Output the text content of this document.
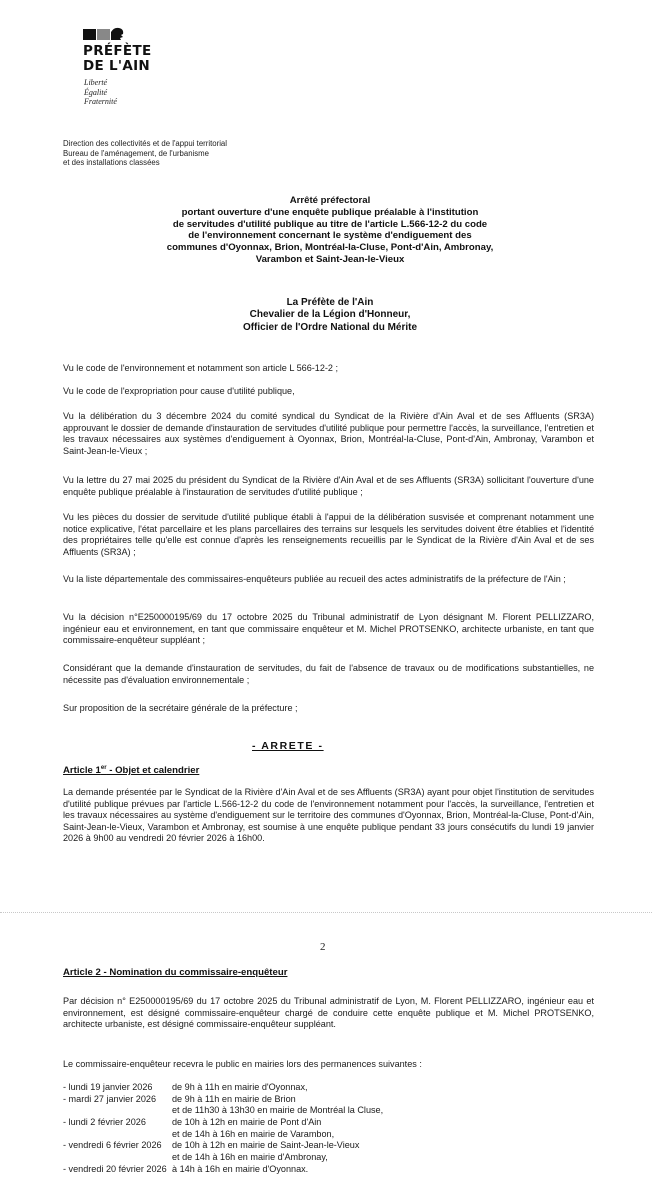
PRÉFÈTE
DE L'AIN
Liberté
Égalité
Fraternité
Direction des collectivités et de l'appui territorial
Bureau de l'aménagement, de l'urbanisme
et des installations classées
Arrêté préfectoral
portant ouverture d'une enquête publique préalable à l'institution
de servitudes d'utilité publique au titre de l'article L.566-12-2 du code
de l'environnement concernant le système d'endiguement des
communes d'Oyonnax, Brion, Montréal-la-Cluse, Pont-d'Ain, Ambronay,
Varambon et Saint-Jean-le-Vieux
La Préfète de l'Ain
Chevalier de la Légion d'Honneur,
Officier de l'Ordre National du Mérite

Vu le code de l'environnement et notamment son article L 566-12-2 ;

Vu le code de l'expropriation pour cause d'utilité publique,

Vu la délibération du 3 décembre 2024 du comité syndical du Syndicat de la Rivière d'Ain Aval et de ses Affluents (SR3A) approuvant le dossier de demande d'instauration de servitudes d'utilité publique pour permettre l'accès, la surveillance, l'entretien et les travaux nécessaires aux systèmes d'endiguement à Oyonnax, Brion, Montréal-la-Cluse, Pont-d'Ain, Ambronay, Varambon et Saint-Jean-le-Vieux ;

Vu la lettre du 27 mai 2025 du président du Syndicat de la Rivière d'Ain Aval et de ses Affluents (SR3A) sollicitant l'ouverture d'une enquête publique préalable à l'instauration de servitudes d'utilité publique ;

Vu les pièces du dossier de servitude d'utilité publique établi à l'appui de la délibération susvisée et comprenant notamment une notice explicative, l'état parcellaire et les plans parcellaires des terrains sur lesquels les servitudes doivent être établies et l'identité des propriétaires telle qu'elle est connue d'après les renseignements recueillis par le Syndicat de la Rivière d'Ain Aval et de ses Affluents (SR3A) ;

Vu la liste départementale des commissaires-enquêteurs publiée au recueil des actes administratifs de la préfecture de l'Ain ;

Vu la décision n°E250000195/69 du 17 octobre 2025 du Tribunal administratif de Lyon désignant M. Florent PELLIZZARO, ingénieur eau et environnement, en tant que commissaire enquêteur et M. Michel PROTSENKO, architecte urbaniste, en tant que commissaire-enquêteur suppléant ;

Considérant que la demande d'instauration de servitudes, du fait de l'absence de travaux ou de modifications substantielles, ne nécessite pas d'évaluation environnementale ;

Sur proposition de la secrétaire générale de la préfecture ;

- ARRETE -
Article 1er - Objet et calendrier

La demande présentée par le Syndicat de la Rivière d'Ain Aval et de ses Affluents (SR3A) ayant pour objet l'institution de servitudes d'utilité publique prévues par l'article L.566-12-2 du code de l'environnement notamment pour l'accès, la surveillance, l'entretien et les travaux nécessaires au système d'endiguement sur le territoire des communes d'Oyonnax, Brion, Montréal-la-Cluse, Pont-d'Ain, Saint-Jean-le-Vieux, Varambon et Ambronay, est soumise à une enquête publique pendant 33 jours consécutifs du lundi 19 janvier 2026 à 9h00 au vendredi 20 février 2026 à 16h00.

2
Article 2 - Nomination du commissaire-enquêteur

Par décision n° E250000195/69 du 17 octobre 2025 du Tribunal administratif de Lyon, M. Florent PELLIZZARO, ingénieur eau et environnement, est désigné commissaire-enquêteur chargé de conduire cette enquête publique et M. Michel PROTSENKO, architecte urbaniste, est désigné commissaire-enquêteur suppléant.

Le commissaire-enquêteur recevra le public en mairies lors des permanences suivantes :

- lundi 19 janvier 2026 de 9h à 11h en mairie d'Oyonnax,
- mardi 27 janvier 2026 de 9h à 11h en mairie de Brion
et de 11h30 à 13h30 en mairie de Montréal la Cluse,
- lundi 2 février 2026	de 10h à 12h en mairie de Pont d'Ain
et de 14h à 16h en mairie de Varambon,
- vendredi 6 février 2026 de 10h à 12h en mairie de Saint-Jean-le-Vieux
et de 14h à 16h en mairie d'Ambronay,
- vendredi 20 février 2026 à 14h à 16h en mairie d'Oyonnax.
